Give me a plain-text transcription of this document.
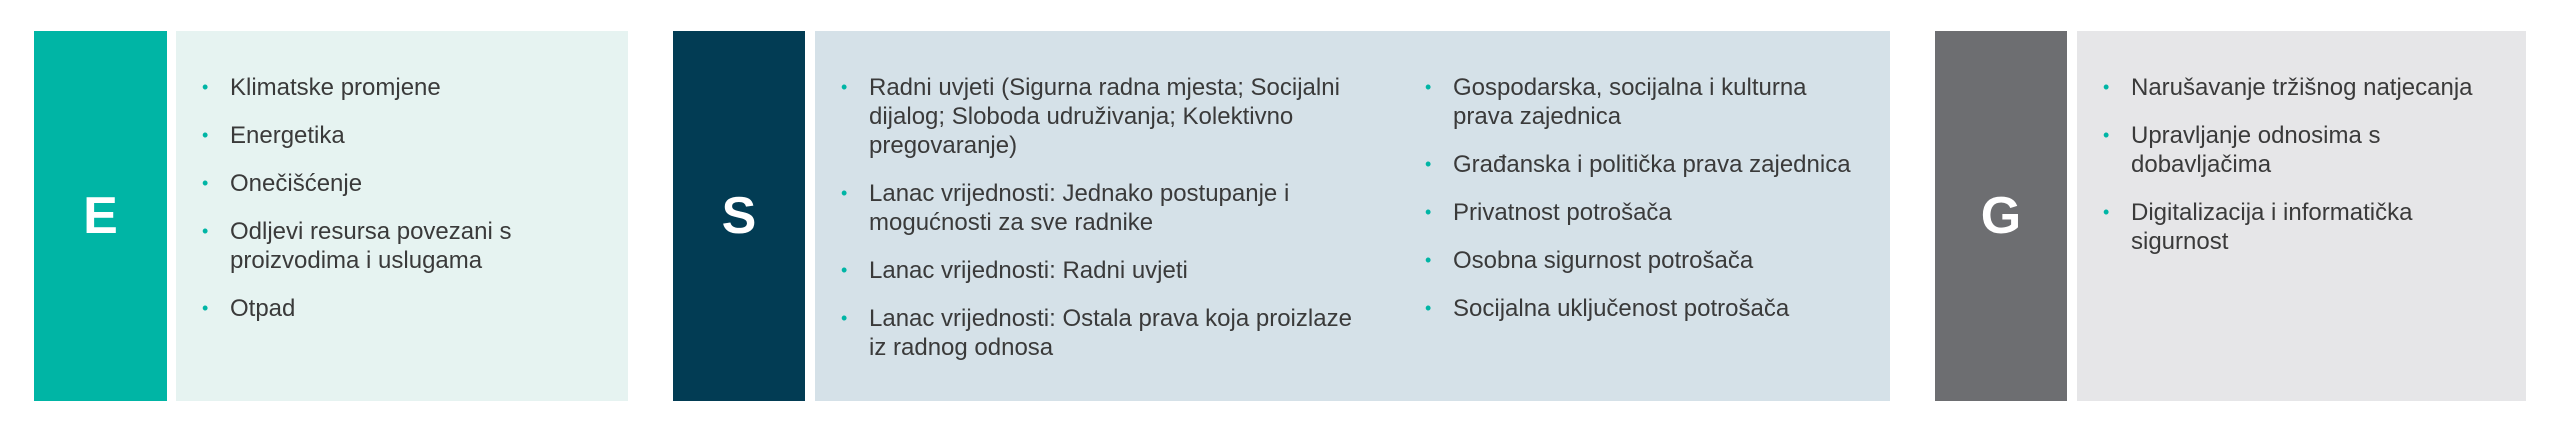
E
• Klimatske promjene
• Energetika
• Onečišćenje
• Odljevi resursa povezani s proizvodima i uslugama
• Otpad
S
• Radni uvjeti (Sigurna radna mjesta; Socijalni dijalog; Sloboda udruživanja; Kolektivno pregovaranje)
• Lanac vrijednosti: Jednako postupanje i mogućnosti za sve radnike
• Lanac vrijednosti: Radni uvjeti
• Lanac vrijednosti: Ostala prava koja proizlaze iz radnog odnosa
• Gospodarska, socijalna i kulturna prava zajednica
• Građanska i politička prava zajednica
• Privatnost potrošača
• Osobna sigurnost potrošača
• Socijalna uključenost potrošača
G
• Narušavanje tržišnog natjecanja
• Upravljanje odnosima s dobavljačima
• Digitalizacija i informatička sigurnost
